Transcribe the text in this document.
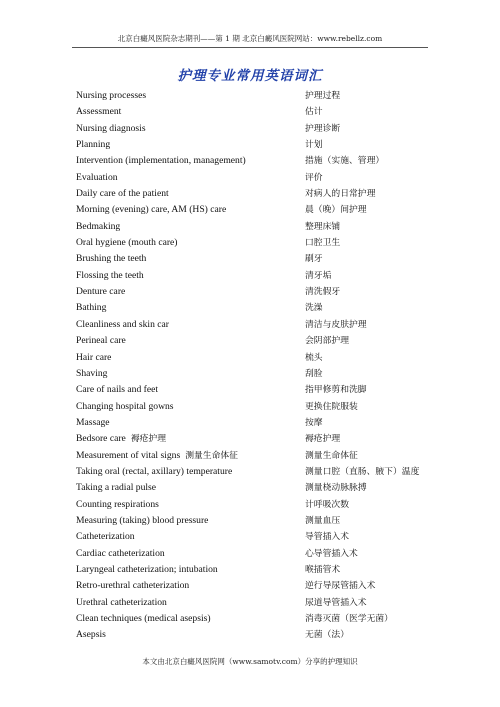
北京白癜风医院杂志期刊——第 1 期 北京白癜风医院网站：www.rebellz.com
护理专业常用英语词汇
Nursing processes	护理过程
Assessment	估计
Nursing diagnosis	护理诊断
Planning	计划
Intervention (implementation, management)	措施（实施、管理）
Evaluation	评价
Daily care of the patient	对病人的日常护理
Morning (evening) care, AM (HS) care	晨（晚）间护理
Bedmaking	整理床铺
Oral hygiene (mouth care)	口腔卫生
Brushing the teeth	刷牙
Flossing the teeth	清牙垢
Denture care	清洗假牙
Bathing	洗澡
Cleanliness and skin car	清洁与皮肤护理
Perineal care	会阴部护理
Hair care	梳头
Shaving	刮脸
Care of nails and feet	指甲修剪和洗脚
Changing hospital gowns	更换住院服装
Massage	按摩
Bedsore care 褥疮护理	褥疮护理
Measurement of vital signs 测量生命体征	测量生命体征
Taking oral (rectal, axillary) temperature	测量口腔（直肠、腋下）温度
Taking a radial pulse	测量桡动脉脉搏
Counting respirations	计呼吸次数
Measuring (taking) blood pressure	测量血压
Catheterization	导管插入术
Cardiac catheterization	心导管插入术
Laryngeal catheterization; intubation	喉插管术
Retro-urethral catheterization	逆行导尿管插入术
Urethral catheterization	尿道导管插入术
Clean techniques (medical asepsis)	消毒灭菌（医学无菌）
Asepsis	无菌（法）
本文由北京白癜风医院网（www.samotv.com）分享的护理知识
